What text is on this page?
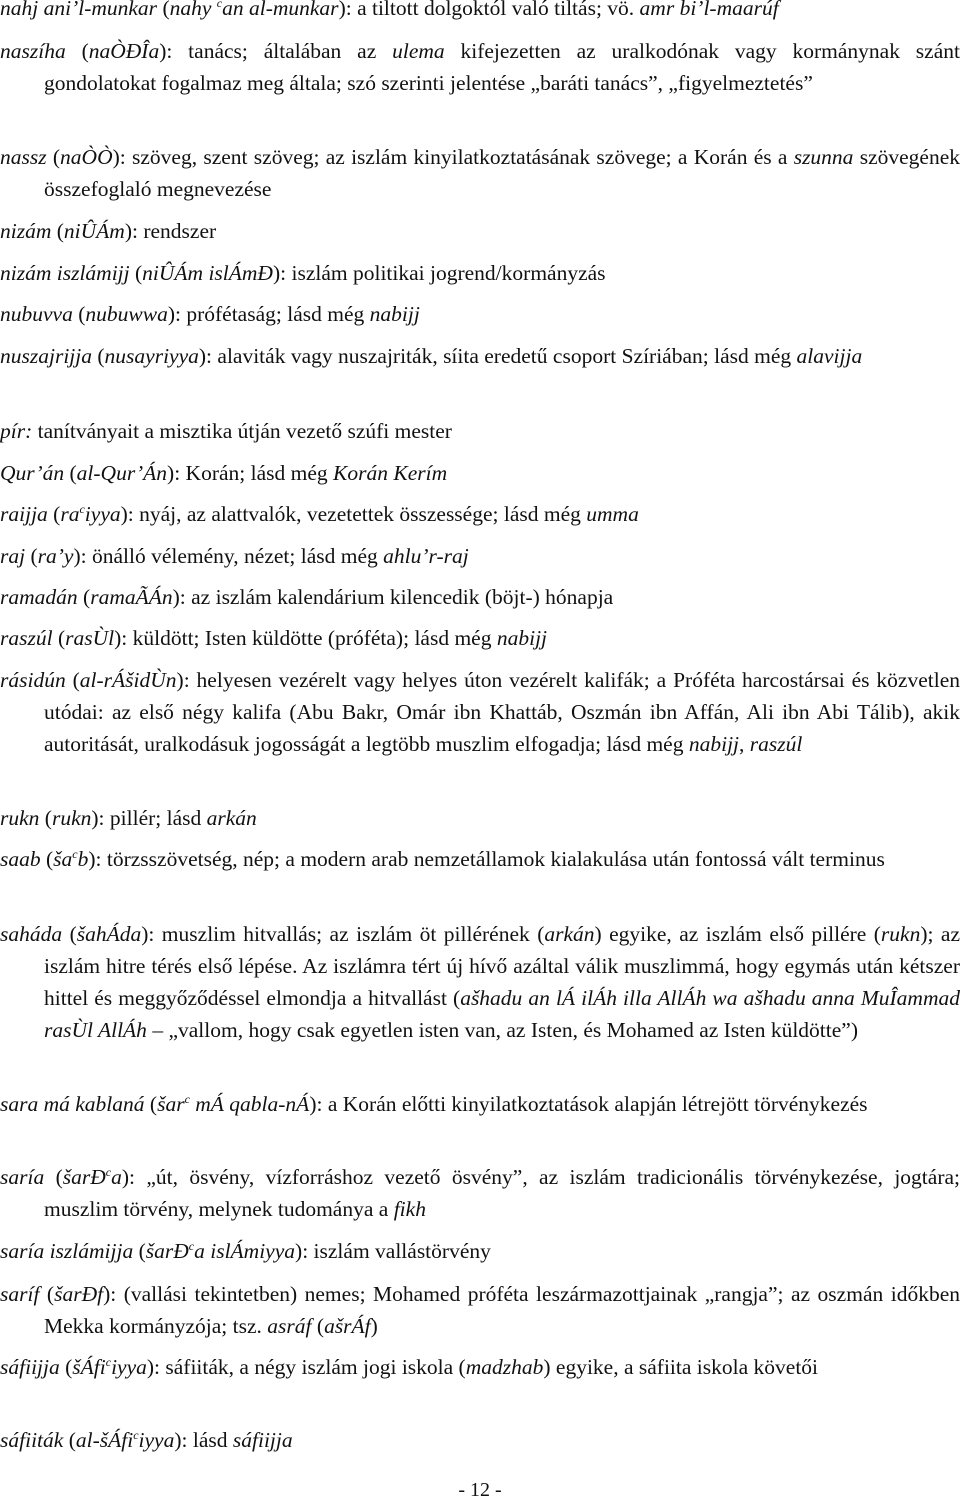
nahj ani’l-munkar (nahy $^c$an al-munkar): a tiltott dolgoktól való tiltás; vö. amr bi’l-maarúf
naszíha (naÒÐÎa): tanács; általában az ulema kifejezetten az uralkodónak vagy kormánynak szánt gondolatokat fogalmaz meg általa; szó szerinti jelentése „baráti tanács”, „figyelmeztetés”
nassz (naÒÒ): szöveg, szent szöveg; az iszlám kinyilatkoztatásának szövege; a Korán és a szunna szövegének összefoglaló megnevezése
nizám (niÛÁm): rendszer
nizám iszlámijj (niÛÁm islÁmÐ): iszlám politikai jogrend/kormányzás
nubuvva (nubuwwa): prófétaság; lásd még nabijj
nuszajrijja (nusayriyya): alaviták vagy nuszajriták, síita eredetű csoport Szíriában; lásd még alavijja
pír: tanítványait a misztika útján vezető szúfi mester
Qur’án (al-Qur’Án): Korán; lásd még Korán Kerím
raijja $(ra^ciyya)$: nyáj, az alattvalók, vezetettek összessége; lásd még umma
raj (ra’y): önálló vélemény, nézet; lásd még ahlu’r-raj
ramadán (ramaÃÁn): az iszlám kalendárium kilencedik (böjt-) hónapja
raszúl (rasÙl): küldött; Isten küldötte (próféta); lásd még nabijj
rásidún (al-rÁšidÙn): helyesen vezérelt vagy helyes úton vezérelt kalifák; a Próféta harcostársai és közvetlen utódai: az első négy kalifa (Abu Bakr, Omár ibn Khattáb, Oszmán ibn Affán, Ali ibn Abi Tálib), akik autoritását, uralkodásuk jogosságát a legtöbb muszlim elfogadja; lásd még nabijj, raszúl
rukn (rukn): pillér; lásd arkán
saab $(ša^cb)$: törzsszövetség, nép; a modern arab nemzetállamok kialakulása után fontossá vált terminus
saháda (šahÁda): muszlim hitvallás; az iszlám öt pillérének (arkán) egyike, az iszlám első pillére (rukn); az iszlám hitre térés első lépése. Az iszlámra tért új hívő azáltal válik muszlimmá, hogy egymás után kétszer hittel és meggyőződéssel elmondja a hitvallást (ašhadu an lÁ ilÁh illa AllÁh wa ašhadu anna MuÎammad rasÙl AllÁh – „vallom, hogy csak egyetlen isten van, az Isten, és Mohamed az Isten küldötte”)
sara má kablaná (šar$^c$ mÁ qabla-nÁ): a Korán előtti kinyilatkoztatások alapján létrejött törvénykezés
saría (šarÐ$^c$a): „út, ösvény, vízforráshoz vezető ösvény”, az iszlám tradicionális törvénykezése, jogtára; muszlim törvény, melynek tudománya a fikh
saría iszlámijja (šarÐ$^c$a islÁmiyya): iszlám vallástörvény
saríf (šarÐf): (vallási tekintetben) nemes; Mohamed próféta leszármazottjainak „rangja”; az oszmán időkben Mekka kormányzója; tsz. asráf (ašrÁf)
sáfiijja (šÁfi$^c$iyya): sáfiiták, a négy iszlám jogi iskola (madzhab) egyike, a sáfiita iskola követői
sáfiiták (al-šÁfi$^c$iyya): lásd sáfiijja
- 12 -
